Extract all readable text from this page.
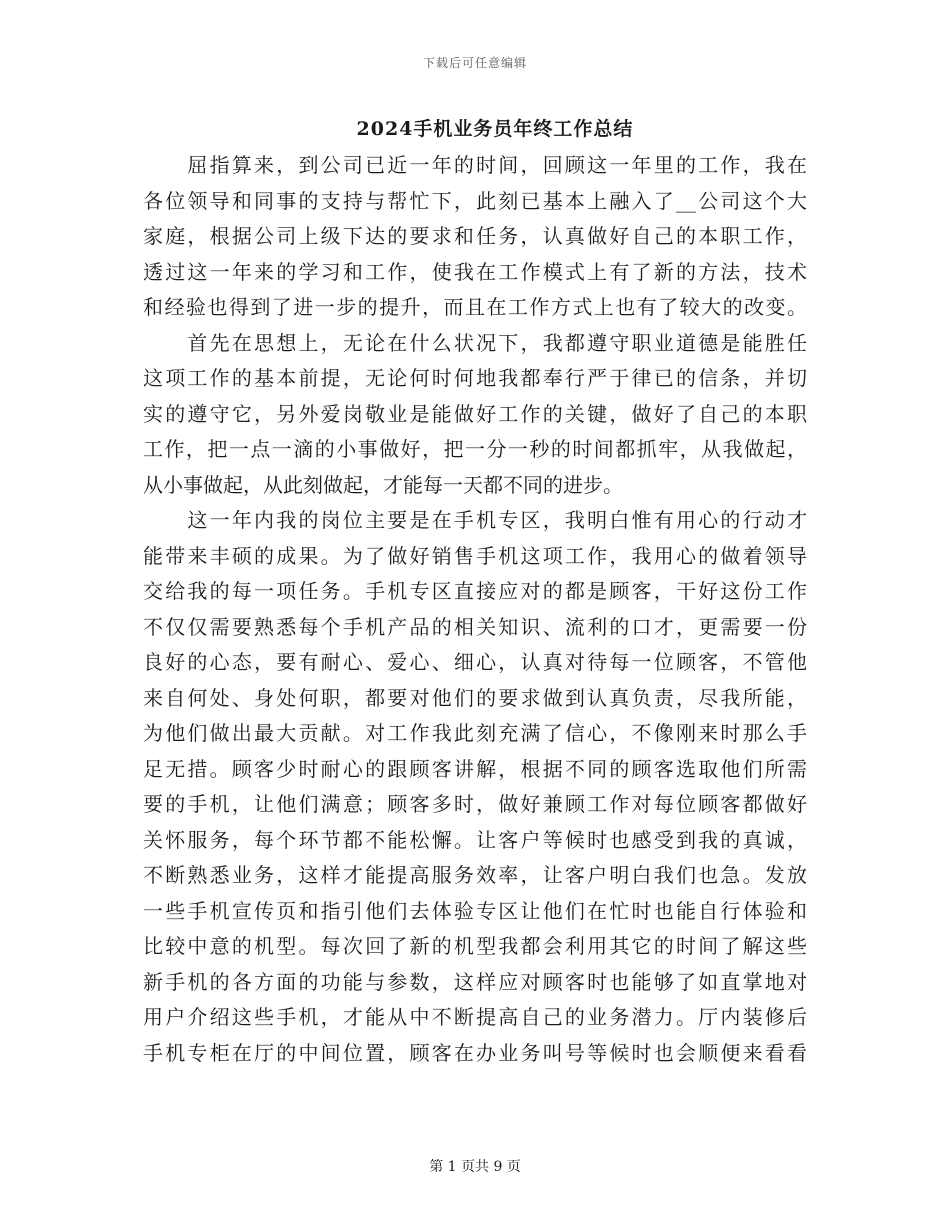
下载后可任意编辑
2024手机业务员年终工作总结
　　屈指算来，到公司已近一年的时间，回顾这一年里的工作，我在
各位领导和同事的支持与帮忙下，此刻已基本上融入了__公司这个大
家庭，根据公司上级下达的要求和任务，认真做好自己的本职工作，
透过这一年来的学习和工作，使我在工作模式上有了新的方法，技术
和经验也得到了进一步的提升，而且在工作方式上也有了较大的改变。
　　首先在思想上，无论在什么状况下，我都遵守职业道德是能胜任
这项工作的基本前提，无论何时何地我都奉行严于律已的信条，并切
实的遵守它，另外爱岗敬业是能做好工作的关键，做好了自己的本职
工作，把一点一滴的小事做好，把一分一秒的时间都抓牢，从我做起，
从小事做起，从此刻做起，才能每一天都不同的进步。
　　这一年内我的岗位主要是在手机专区，我明白惟有用心的行动才
能带来丰硕的成果。为了做好销售手机这项工作，我用心的做着领导
交给我的每一项任务。手机专区直接应对的都是顾客，干好这份工作
不仅仅需要熟悉每个手机产品的相关知识、流利的口才，更需要一份
良好的心态，要有耐心、爱心、细心，认真对待每一位顾客，不管他
来自何处、身处何职，都要对他们的要求做到认真负责，尽我所能，
为他们做出最大贡献。对工作我此刻充满了信心，不像刚来时那么手
足无措。顾客少时耐心的跟顾客讲解，根据不同的顾客选取他们所需
要的手机，让他们满意；顾客多时，做好兼顾工作对每位顾客都做好
关怀服务，每个环节都不能松懈。让客户等候时也感受到我的真诚，
不断熟悉业务，这样才能提高服务效率，让客户明白我们也急。发放
一些手机宣传页和指引他们去体验专区让他们在忙时也能自行体验和
比较中意的机型。每次回了新的机型我都会利用其它的时间了解这些
新手机的各方面的功能与参数，这样应对顾客时也能够了如直掌地对
用户介绍这些手机，才能从中不断提高自己的业务潜力。厅内装修后
手机专柜在厅的中间位置，顾客在办业务叫号等候时也会顺便来看看
第 1 页共 9 页
